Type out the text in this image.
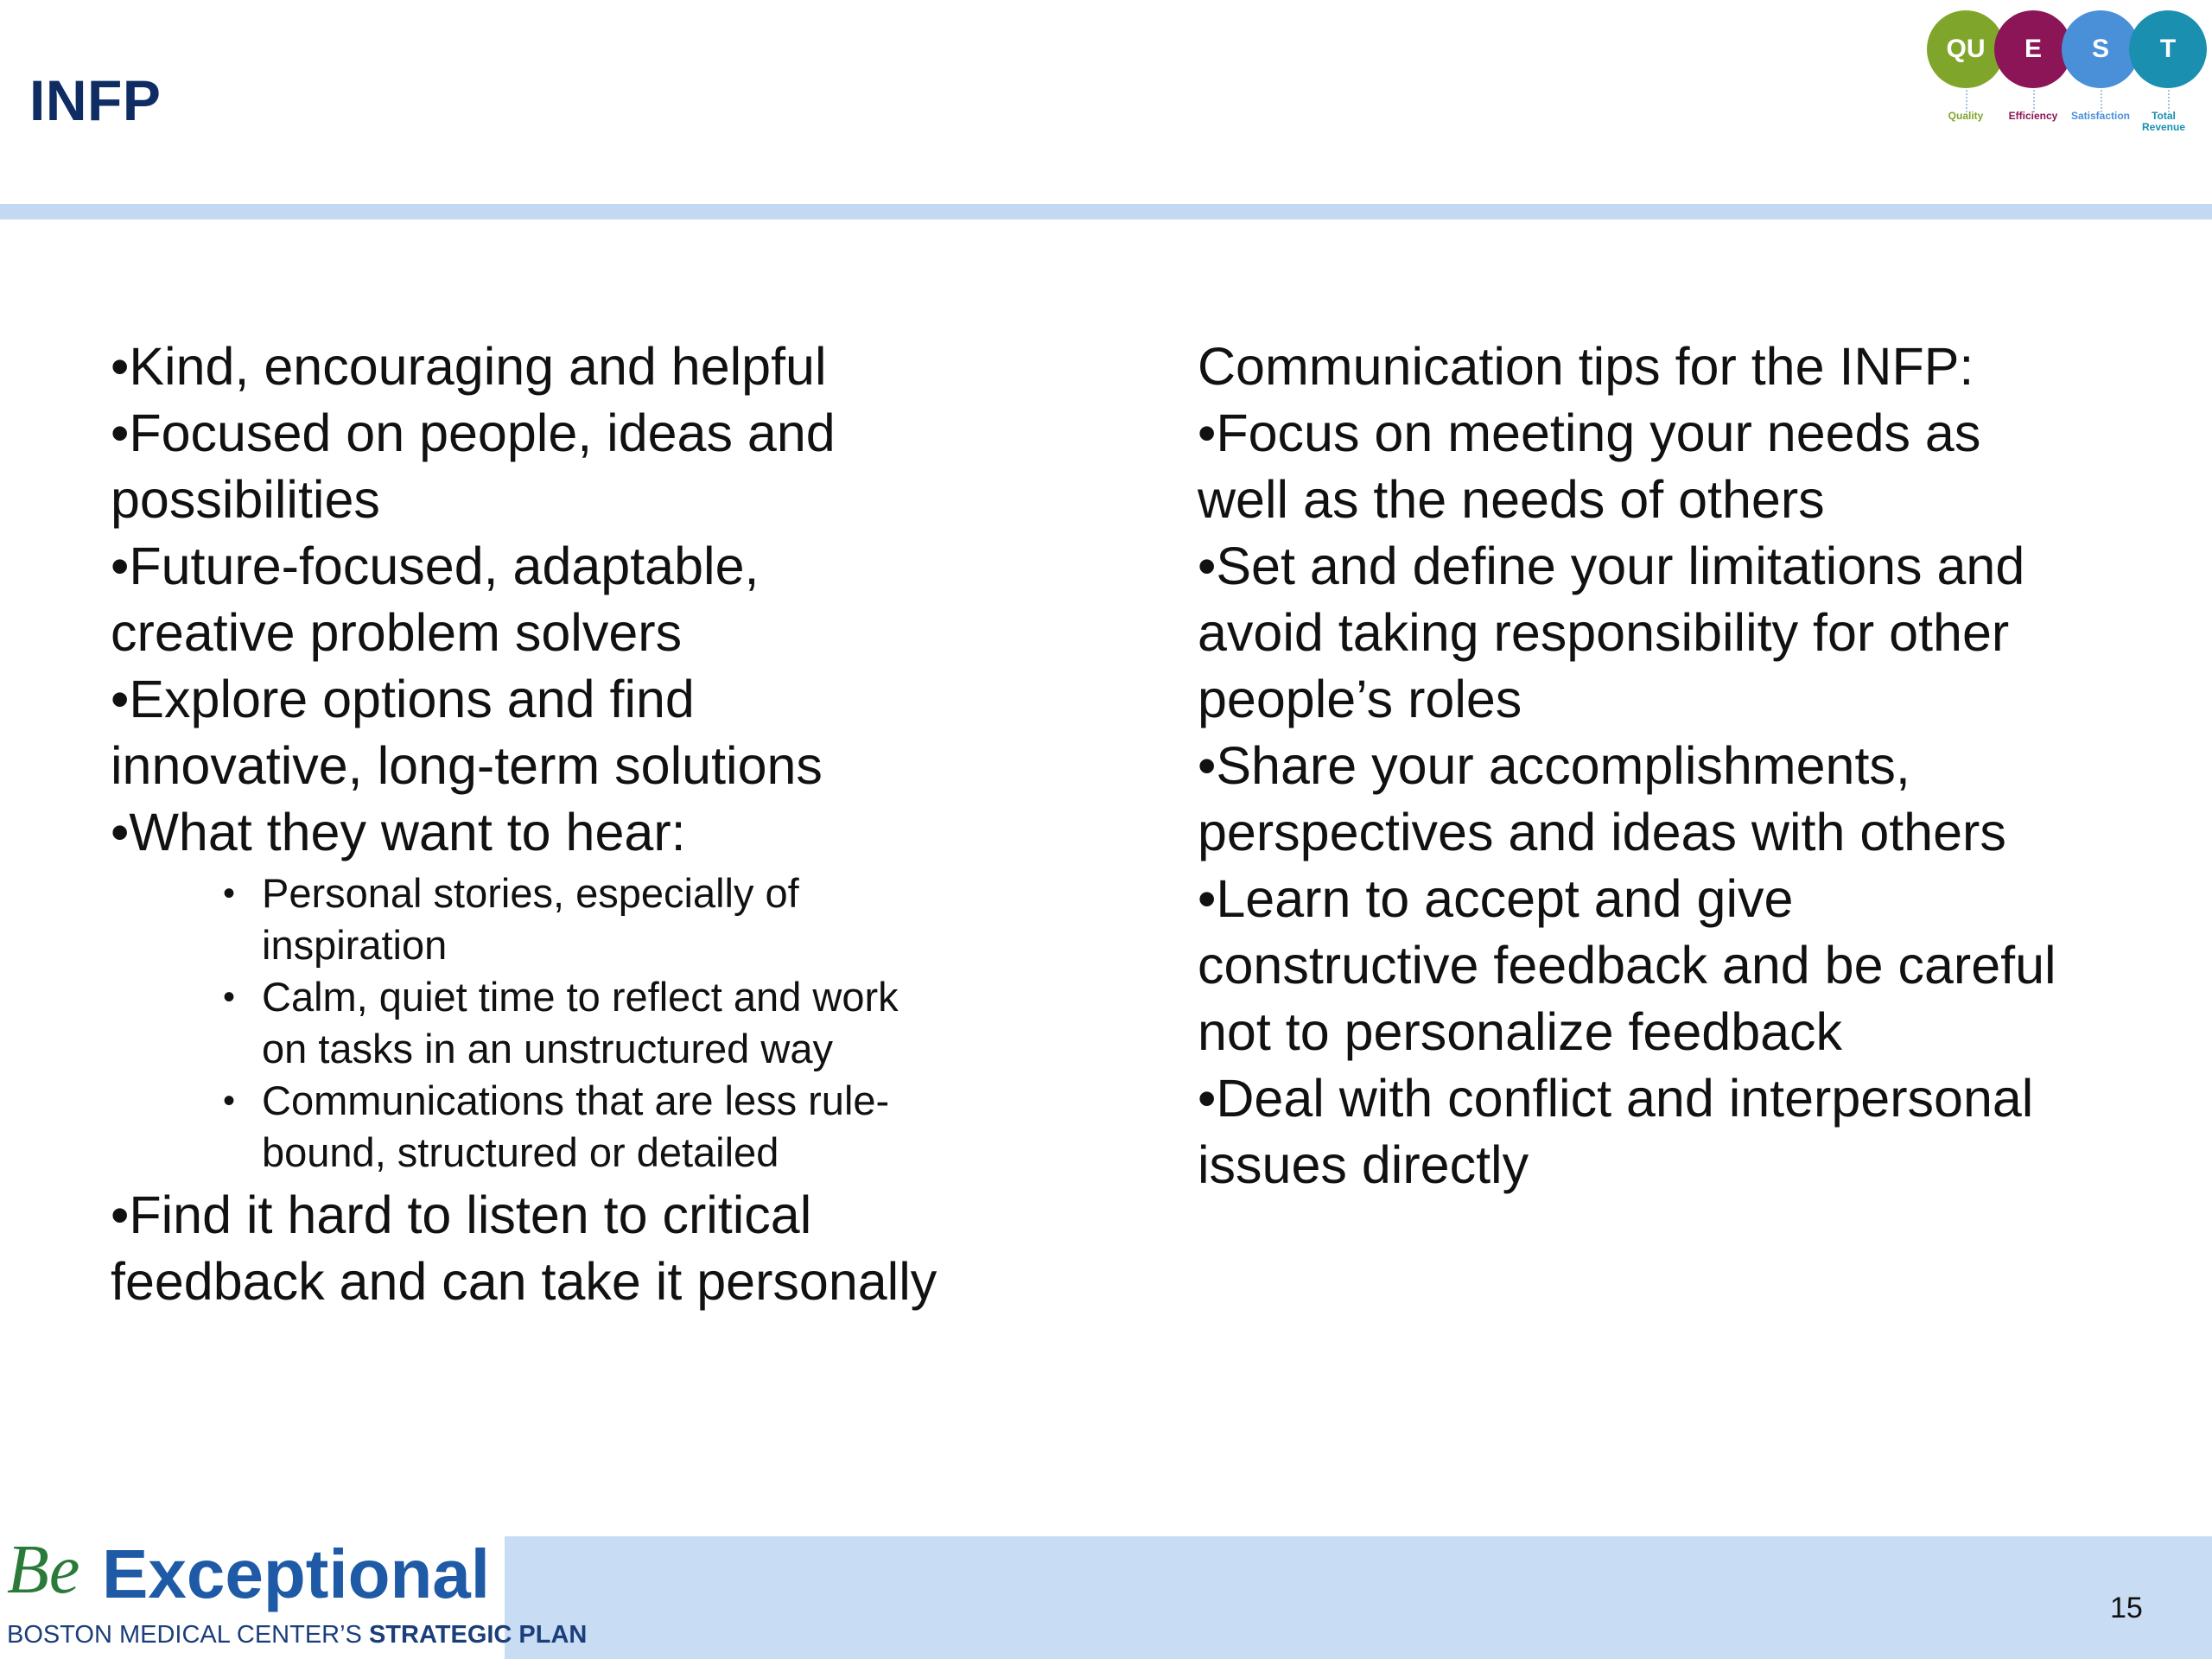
INFP
QU	E	S	T
Quality	Efficiency	Satisfaction	Total Revenue
•Kind, encouraging and helpful
•Focused on people, ideas and
possibilities
•Future-focused, adaptable,
creative problem solvers
•Explore options and find
innovative, long-term solutions
•What they want to hear:
• Personal stories, especially of
inspiration
• Calm, quiet time to reflect and work
on tasks in an unstructured way
• Communications that are less rule-
bound, structured or detailed
•Find it hard to listen to critical
feedback and can take it personally
Communication tips for the INFP:
•Focus on meeting your needs as
well as the needs of others
•Set and define your limitations and
avoid taking responsibility for other
people’s roles
•Share your accomplishments,
perspectives and ideas with others
•Learn to accept and give
constructive feedback and be careful
not to personalize feedback
•Deal with conflict and interpersonal
issues directly
Be Exceptional
BOSTON MEDICAL CENTER’S STRATEGIC PLAN
15
